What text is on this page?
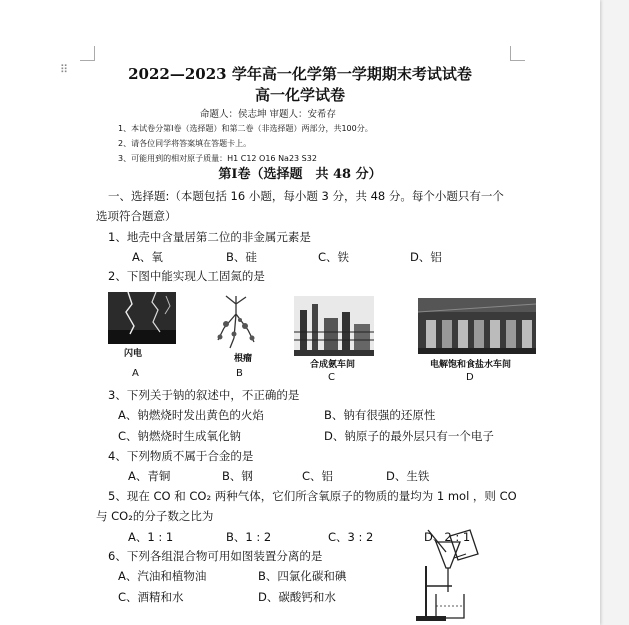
⠿	2022—2023 学年高一化学第一学期期末考试试卷
高一化学试卷
命题人：侯志坤 审题人：安希存
1、本试卷分第Ⅰ卷（选择题）和第二卷（非选择题）两部分，共100分。
2、请各位同学将答案填在答题卡上。
3、可能用到的相对原子质量：H1 C12 O16 Na23 S32
第Ⅰ卷（选择题　共 48 分）
一、选择题:（本题包括 16 小题，每小题 3 分，共 48 分。每个小题只有一个
选项符合题意）
1、地壳中含量居第二位的非金属元素是
A、氧	B、硅	C、铁	D、铝
2、下图中能实现人工固氮的是
闪电
A
根瘤
B
合成氨车间
C
电解饱和食盐水车间
D
3、下列关于钠的叙述中，不正确的是
A、钠燃烧时发出黄色的火焰	B、钠有很强的还原性
C、钠燃烧时生成氧化钠	D、钠原子的最外层只有一个电子
4、下列物质不属于合金的是
A、青铜	B、钢	C、铝	D、生铁
5、现在 CO 和 CO₂ 两种气体，它们所含氧原子的物质的量均为 1 mol ，则 CO
与 CO₂的分子数之比为
A、1 : 1	B、1 : 2	C、3 : 2	D、2 : 1
6、下列各组混合物可用如图装置分离的是
A、汽油和植物油	B、四氯化碳和碘
C、酒精和水	D、碳酸钙和水
